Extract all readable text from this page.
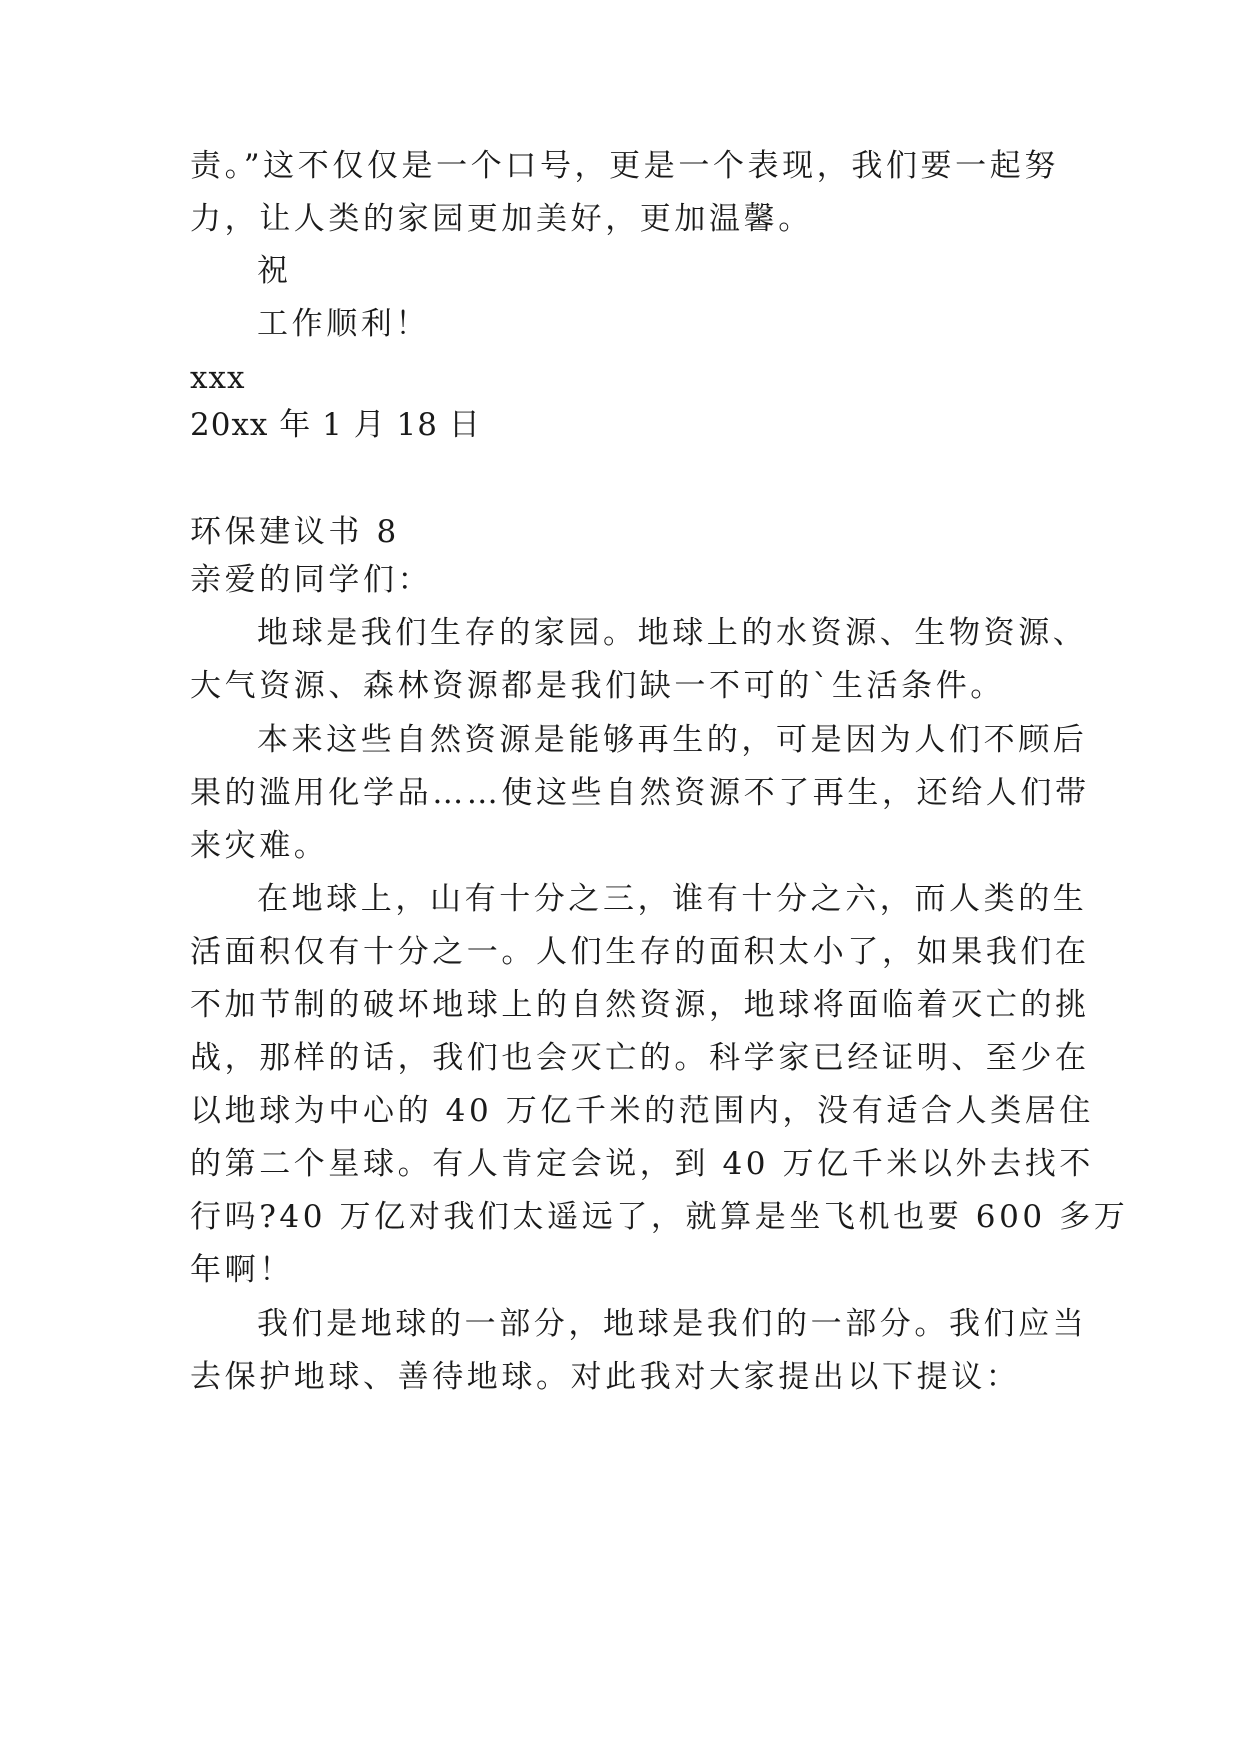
责。”这不仅仅是一个口号，更是一个表现，我们要一起努
力，让人类的家园更加美好，更加温馨。
祝
工作顺利！
xxx
20xx 年 1 月 18 日
环保建议书 8
亲爱的同学们：
地球是我们生存的家园。地球上的水资源、生物资源、
大气资源、森林资源都是我们缺一不可的`生活条件。
本来这些自然资源是能够再生的，可是因为人们不顾后
果的滥用化学品……使这些自然资源不了再生，还给人们带
来灾难。
在地球上，山有十分之三，谁有十分之六，而人类的生
活面积仅有十分之一。人们生存的面积太小了，如果我们在
不加节制的破坏地球上的自然资源，地球将面临着灭亡的挑
战，那样的话，我们也会灭亡的。科学家已经证明、至少在
以地球为中心的 40 万亿千米的范围内，没有适合人类居住
的第二个星球。有人肯定会说，到 40 万亿千米以外去找不
行吗?40 万亿对我们太遥远了，就算是坐飞机也要 600 多万
年啊！
我们是地球的一部分，地球是我们的一部分。我们应当
去保护地球、善待地球。对此我对大家提出以下提议：
